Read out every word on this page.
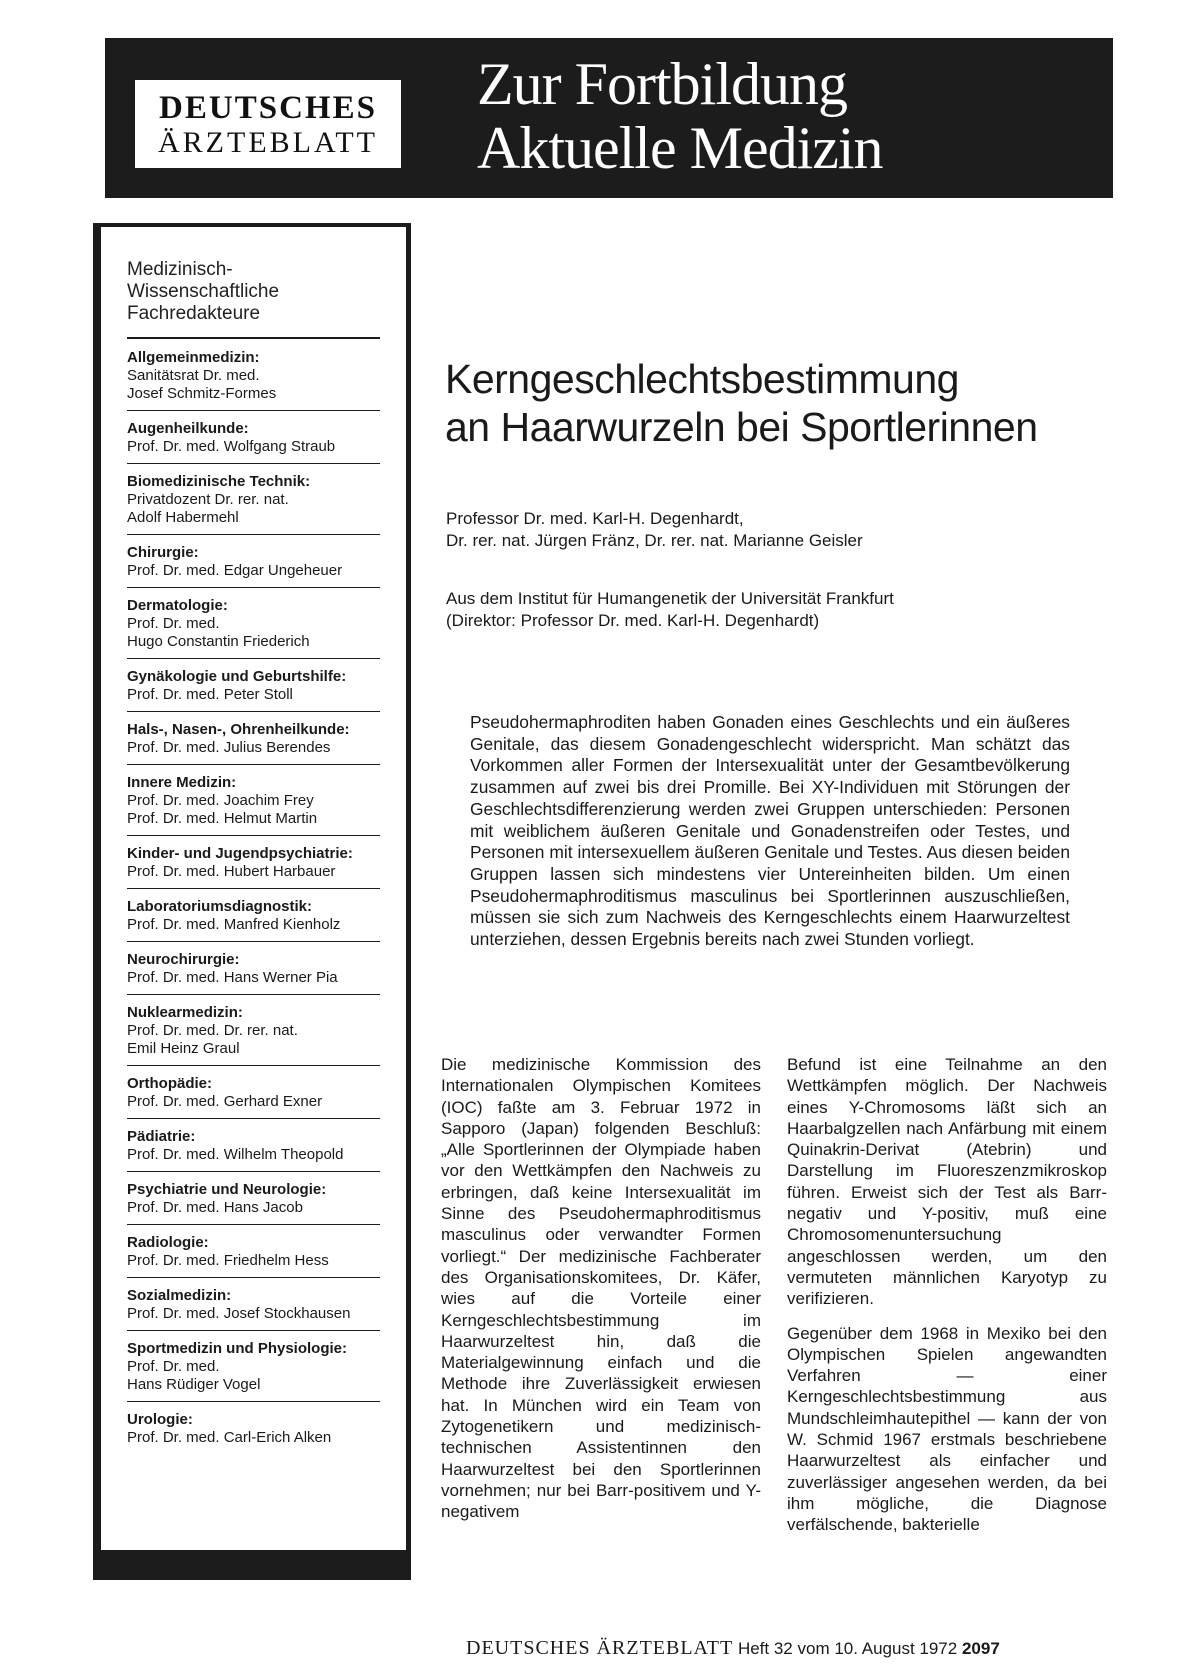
DEUTSCHES
ÄRZTEBLATT
Zur Fortbildung
Aktuelle Medizin
Medizinisch-
Wissenschaftliche
Fachredakteure
Allgemeinmedizin:
Sanitätsrat Dr. med.
Josef Schmitz-Formes
Augenheilkunde:
Prof. Dr. med. Wolfgang Straub
Biomedizinische Technik:
Privatdozent Dr. rer. nat.
Adolf Habermehl
Chirurgie:
Prof. Dr. med. Edgar Ungeheuer
Dermatologie:
Prof. Dr. med.
Hugo Constantin Friederich
Gynäkologie und Geburtshilfe:
Prof. Dr. med. Peter Stoll
Hals-, Nasen-, Ohrenheilkunde:
Prof. Dr. med. Julius Berendes
Innere Medizin:
Prof. Dr. med. Joachim Frey
Prof. Dr. med. Helmut Martin
Kinder- und Jugendpsychiatrie:
Prof. Dr. med. Hubert Harbauer
Laboratoriumsdiagnostik:
Prof. Dr. med. Manfred Kienholz
Neurochirurgie:
Prof. Dr. med. Hans Werner Pia
Nuklearmedizin:
Prof. Dr. med. Dr. rer. nat.
Emil Heinz Graul
Orthopädie:
Prof. Dr. med. Gerhard Exner
Pädiatrie:
Prof. Dr. med. Wilhelm Theopold
Psychiatrie und Neurologie:
Prof. Dr. med. Hans Jacob
Radiologie:
Prof. Dr. med. Friedhelm Hess
Sozialmedizin:
Prof. Dr. med. Josef Stockhausen
Sportmedizin und Physiologie:
Prof. Dr. med.
Hans Rüdiger Vogel
Urologie:
Prof. Dr. med. Carl-Erich Alken
Kerngeschlechtsbestimmung
an Haarwurzeln bei Sportlerinnen
Professor Dr. med. Karl-H. Degenhardt,
Dr. rer. nat. Jürgen Fränz, Dr. rer. nat. Marianne Geisler
Aus dem Institut für Humangenetik der Universität Frankfurt
(Direktor: Professor Dr. med. Karl-H. Degenhardt)
Pseudohermaphroditen haben Gonaden eines Geschlechts und ein äußeres Genitale, das diesem Gonadengeschlecht widerspricht. Man schätzt das Vorkommen aller Formen der Intersexualität unter der Gesamtbevölkerung zusammen auf zwei bis drei Promille. Bei XY-Individuen mit Störungen der Geschlechtsdifferenzierung werden zwei Gruppen unterschieden: Personen mit weiblichem äußeren Genitale und Gonadenstreifen oder Testes, und Personen mit intersexuellem äußeren Genitale und Testes. Aus diesen beiden Gruppen lassen sich mindestens vier Untereinheiten bilden. Um einen Pseudohermaphroditismus masculinus bei Sportlerinnen auszuschließen, müssen sie sich zum Nachweis des Kerngeschlechts einem Haarwurzeltest unterziehen, dessen Ergebnis bereits nach zwei Stunden vorliegt.

Die medizinische Kommission des Internationalen Olympischen Komitees (IOC) faßte am 3. Februar 1972 in Sapporo (Japan) folgenden Beschluß: „Alle Sportlerinnen der Olympiade haben vor den Wettkämpfen den Nachweis zu erbringen, daß keine Intersexualität im Sinne des Pseudohermaphroditismus masculinus oder verwandter Formen vorliegt.“ Der medizinische Fachberater des Organisationskomitees, Dr. Käfer, wies auf die Vorteile einer Kerngeschlechtsbestimmung im Haarwurzeltest hin, daß die Materialgewinnung einfach und die Methode ihre Zuverlässigkeit erwiesen hat. In München wird ein Team von Zytogenetikern und medizinisch-technischen Assistentinnen den Haarwurzeltest bei den Sportlerinnen vornehmen; nur bei Barr-positivem und Y-negativem

Befund ist eine Teilnahme an den Wettkämpfen möglich. Der Nachweis eines Y-Chromosoms läßt sich an Haarbalgzellen nach Anfärbung mit einem Quinakrin-Derivat (Atebrin) und Darstellung im Fluoreszenzmikroskop führen. Erweist sich der Test als Barr-negativ und Y-positiv, muß eine Chromosomenuntersuchung angeschlossen werden, um den vermuteten männlichen Karyotyp zu verifizieren.

Gegenüber dem 1968 in Mexiko bei den Olympischen Spielen angewandten Verfahren — einer Kerngeschlechtsbestimmung aus Mundschleimhautepithel — kann der von W. Schmid 1967 erstmals beschriebene Haarwurzeltest als einfacher und zuverlässiger angesehen werden, da bei ihm mögliche, die Diagnose verfälschende, bakterielle

DEUTSCHES ÄRZTEBLATT Heft 32 vom 10. August 1972 2097
